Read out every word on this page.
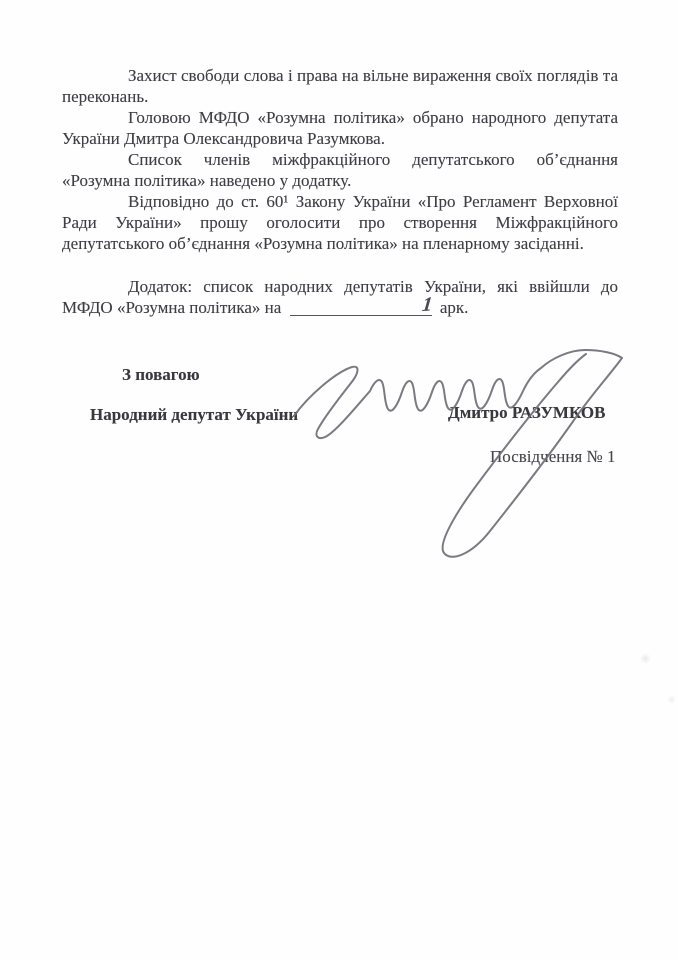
Захист свободи слова і права на вільне вираження своїх поглядів та переконань.

Головою МФДО «Розумна політика» обрано народного депутата України Дмитра Олександровича Разумкова.

Список членів міжфракційного депутатського об’єднання «Розумна політика» наведено у додатку.

Відповідно до ст. 60¹ Закону України «Про Регламент Верховної Ради України» прошу оголосити про створення Міжфракційного депутатського об’єднання «Розумна політика» на пленарному засіданні.

Додаток: список народних депутатів України, які ввійшли до МФДО «Розумна політика» на	1 арк.

З повагою
Народний депутат України	Дмитро РАЗУМКОВ
Посвідчення № 1
